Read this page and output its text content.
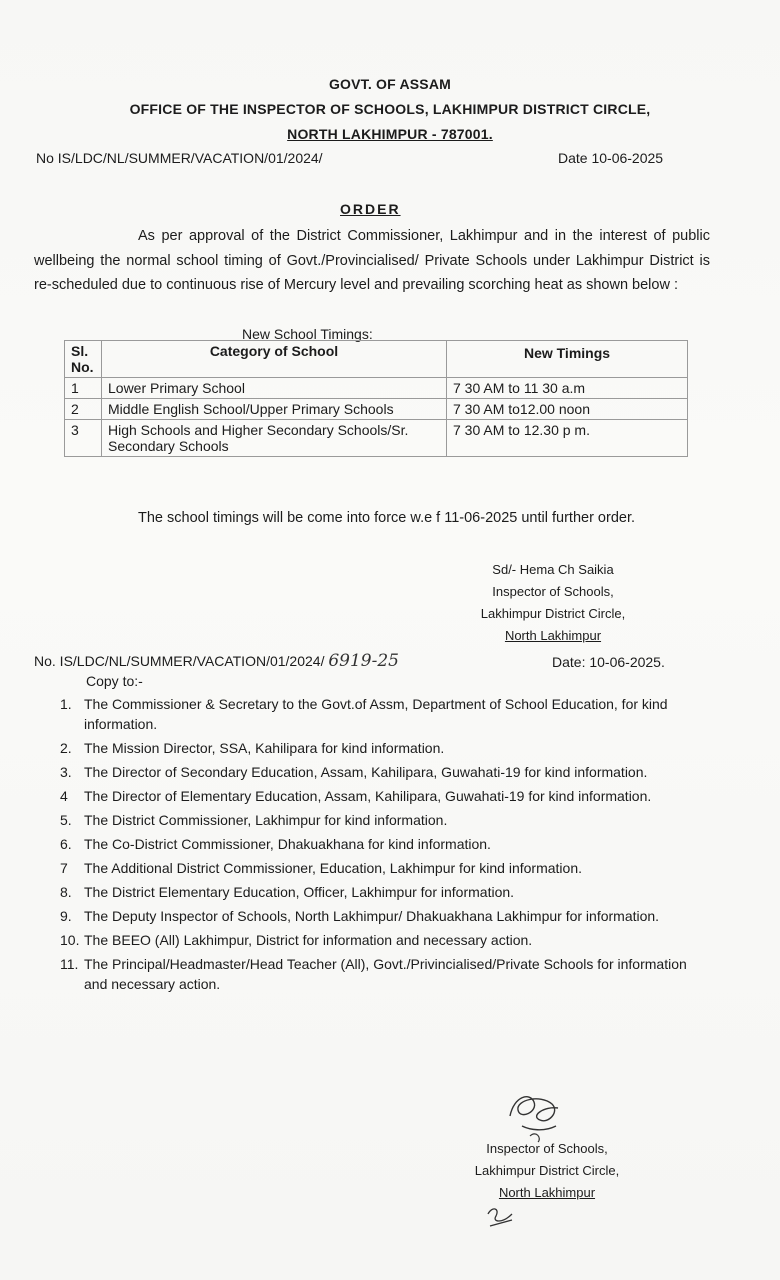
GOVT. OF ASSAM
OFFICE OF THE INSPECTOR OF SCHOOLS, LAKHIMPUR DISTRICT CIRCLE,
NORTH LAKHIMPUR - 787001.
No IS/LDC/NL/SUMMER/VACATION/01/2024/	Date 10-06-2025
ORDER
As per approval of the District Commissioner, Lakhimpur and in the interest of public wellbeing the normal school timing of Govt./Provincialised/ Private Schools under Lakhimpur District is re-scheduled due to continuous rise of Mercury level and prevailing scorching heat as shown below :
New School Timings:
Sl. No.	Category of School	New Timings
1	Lower Primary School	7 30 AM to 11 30 a.m
2	Middle English School/Upper Primary Schools	7 30 AM to12.00 noon
3	High Schools and Higher Secondary Schools/Sr. Secondary Schools	7 30 AM to 12.30 p m.
The school timings will be come into force w.e f 11-06-2025 until further order.
Sd/- Hema Ch Saikia
Inspector of Schools,
Lakhimpur District Circle,
North Lakhimpur
No. IS/LDC/NL/SUMMER/VACATION/01/2024/ 6919-25	Date: 10-06-2025.
Copy to:-
1. The Commissioner & Secretary to the Govt.of Assm, Department of School Education, for kind information.
2. The Mission Director, SSA, Kahilipara for kind information.
3. The Director of Secondary Education, Assam, Kahilipara, Guwahati-19 for kind information.
4	The Director of Elementary Education, Assam, Kahilipara, Guwahati-19 for kind information.
5. The District Commissioner, Lakhimpur for kind information.
6. The Co-District Commissioner, Dhakuakhana for kind information.
7	The Additional District Commissioner, Education, Lakhimpur for kind information.
8. The District Elementary Education, Officer, Lakhimpur for information.
9. The Deputy Inspector of Schools, North Lakhimpur/ Dhakuakhana Lakhimpur for information.
10. The BEEO (All) Lakhimpur, District for information and necessary action.
11. The Principal/Headmaster/Head Teacher (All), Govt./Privincialised/Private Schools for information and necessary action.
Inspector of Schools,
Lakhimpur District Circle,
North Lakhimpur
